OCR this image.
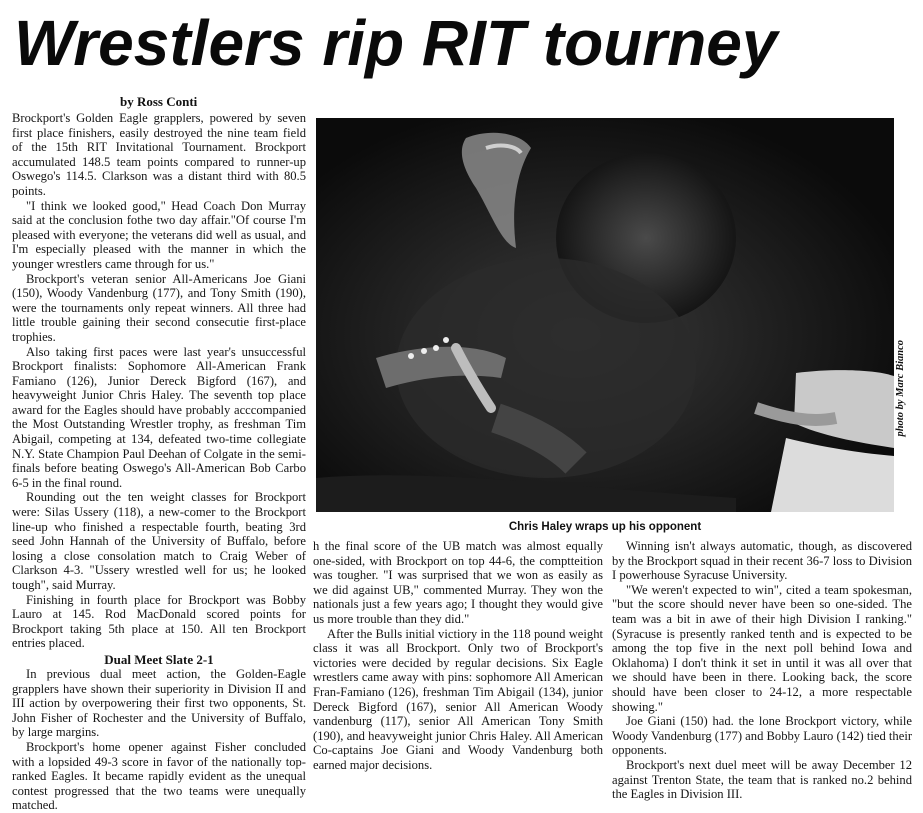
Wrestlers rip RIT tourney
by Ross Conti

Brockport's Golden Eagle grapplers, powered by seven first place finishers, easily destroyed the nine team field of the 15th RIT Invitational Tournament. Brockport accumulated 148.5 team points compared to runner-up Oswego's 114.5. Clarkson was a distant third with 80.5 points.

"I think we looked good," Head Coach Don Murray said at the conclusion fothe two day affair."Of course I'm pleased with everyone; the veterans did well as usual, and I'm especially pleased with the manner in which the younger wrestlers came through for us."

Brockport's veteran senior All-Americans Joe Giani (150), Woody Vandenburg (177), and Tony Smith (190), were the tournaments only repeat winners. All three had little trouble gaining their second consecutie first-place trophies.

Also taking first paces were last year's unsuccessful Brockport finalists: Sophomore All-American Frank Famiano (126), Junior Dereck Bigford (167), and heavyweight Junior Chris Haley. The seventh top place award for the Eagles should have probably acccompanied the Most Outstanding Wrestler trophy, as freshman Tim Abigail, competing at 134, defeated two-time collegiate N.Y. State Champion Paul Deehan of Colgate in the semi-finals before beating Oswego's All-American Bob Carbo 6-5 in the final round.

Rounding out the ten weight classes for Brockport were: Silas Ussery (118), a new-comer to the Brockport line-up who finished a respectable fourth, beating 3rd seed John Hannah of the University of Buffalo, before losing a close consolation match to Craig Weber of Clarkson 4-3. "Ussery wrestled well for us; he looked tough", said Murray.

Finishing in fourth place for Brockport was Bobby Lauro at 145. Rod MacDonald scored points for Brockport taking 5th place at 150. All ten Brockport entries placed.

Dual Meet Slate 2-1

In previous dual meet action, the Golden-Eagle grapplers have shown their superiority in Division II and III action by overpowering their first two opponents, St. John Fisher of Rochester and the University of Buffalo, by large margins.

Brockport's home opener against Fisher concluded with a lopsided 49-3 score in favor of the nationally top-ranked Eagles. It became rapidly evident as the unequal contest progressed that the two teams were unequally matched.

photo by Marc Bianco
Chris Haley wraps up his opponent

h the final score of the UB match was almost equally one-sided, with Brockport on top 44-6, the comptteition was tougher. "I was surprised that we won as easily as we did against UB," commented Murray. They won the nationals just a few years ago; I thought they would give us more trouble than they did."

After the Bulls initial victiory in the 118 pound weight class it was all Brockport. Only two of Brockport's victories were decided by regular decisions. Six Eagle wrestlers came away with pins: sophomore All American Fran-Famiano (126), freshman Tim Abigail (134), junior Dereck Bigford (167), senior All American Woody vandenburg (117), senior All American Tony Smith (190), and heavyweight junior Chris Haley. All American Co-captains Joe Giani and Woody Vandenburg both earned major decisions.

Winning isn't always automatic, though, as discovered by the Brockport squad in their recent 36-7 loss to Division I powerhouse Syracuse University.

"We weren't expected to win", cited a team spokesman, "but the score should never have been so one-sided. The team was a bit in awe of their high Division I ranking." (Syracuse is presently ranked tenth and is expected to be among the top five in the next poll behind Iowa and Oklahoma) I don't think it set in until it was all over that we should have been in there. Looking back, the score should have been closer to 24-12, a more respectable showing."

Joe Giani (150) had. the lone Brockport victory, while Woody Vandenburg (177) and Bobby Lauro (142) tied their opponents.

Brockport's next duel meet will be away December 12 against Trenton State, the team that is ranked no.2 behind the Eagles in Division III.
